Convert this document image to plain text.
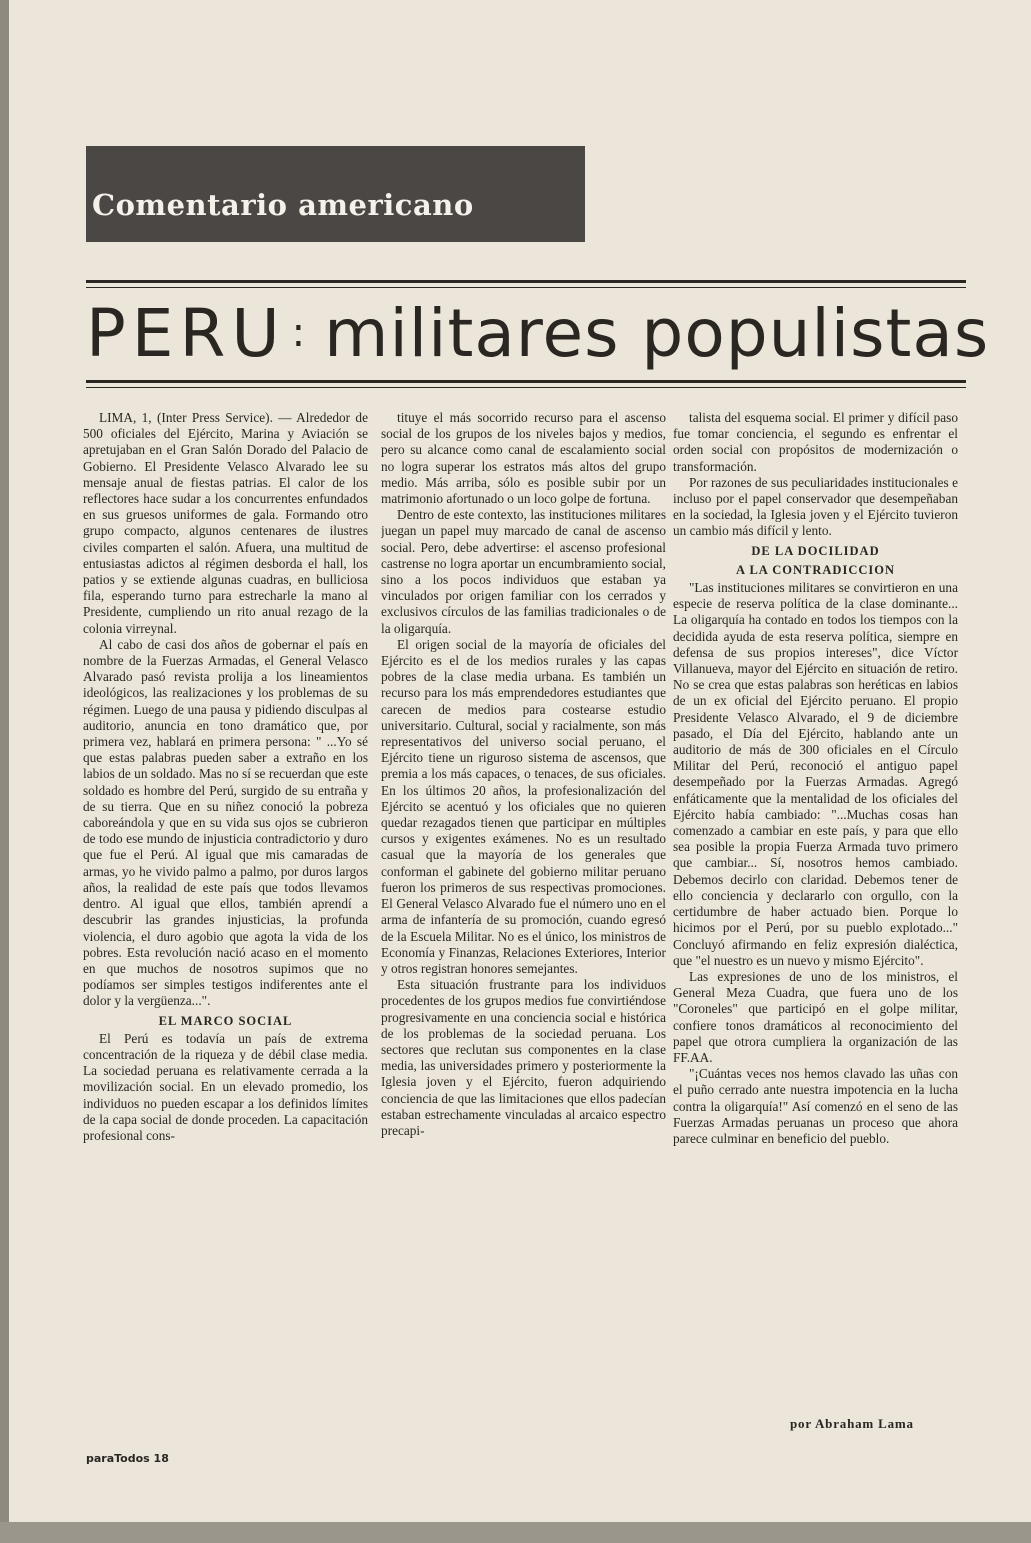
Comentario americano
PERU : militares populistas

LIMA, 1, (Inter Press Service). — Alrededor de 500 oficiales del Ejército, Marina y Aviación se apretujaban en el Gran Salón Dorado del Palacio de Gobierno. El Presidente Velasco Alvarado lee su mensaje anual de fiestas patrias. El calor de los reflectores hace sudar a los concurrentes enfundados en sus gruesos uniformes de gala. Formando otro grupo compacto, algunos centenares de ilustres civiles comparten el salón. Afuera, una multitud de entusiastas adictos al régimen desborda el hall, los patios y se extiende algunas cuadras, en bulliciosa fila, esperando turno para estrecharle la mano al Presidente, cumpliendo un rito anual rezago de la colonia virreynal.

Al cabo de casi dos años de gobernar el país en nombre de la Fuerzas Armadas, el General Velasco Alvarado pasó revista prolija a los lineamientos ideológicos, las realizaciones y los problemas de su régimen. Luego de una pausa y pidiendo disculpas al auditorio, anuncia en tono dramático que, por primera vez, hablará en primera persona: " ...Yo sé que estas palabras pueden saber a extraño en los labios de un soldado. Mas no sí se recuerdan que este soldado es hombre del Perú, surgido de su entraña y de su tierra. Que en su niñez conoció la pobreza caboreándola y que en su vida sus ojos se cubrieron de todo ese mundo de injusticia contradictorio y duro que fue el Perú. Al igual que mis camaradas de armas, yo he vivido palmo a palmo, por duros largos años, la realidad de este país que todos llevamos dentro. Al igual que ellos, también aprendí a descubrir las grandes injusticias, la profunda violencia, el duro agobio que agota la vida de los pobres. Esta revolución nació acaso en el momento en que muchos de nosotros supimos que no podíamos ser simples testigos indiferentes ante el dolor y la vergüenza...".

EL MARCO SOCIAL

El Perú es todavía un país de extrema concentración de la riqueza y de débil clase media. La sociedad peruana es relativamente cerrada a la movilización social. En un elevado promedio, los individuos no pueden escapar a los definidos límites de la capa social de donde proceden. La capacitación profesional cons-

tituye el más socorrido recurso para el ascenso social de los grupos de los niveles bajos y medios, pero su alcance como canal de escalamiento social no logra superar los estratos más altos del grupo medio. Más arriba, sólo es posible subir por un matrimonio afortunado o un loco golpe de fortuna.

Dentro de este contexto, las instituciones militares juegan un papel muy marcado de canal de ascenso social. Pero, debe advertirse: el ascenso profesional castrense no logra aportar un encumbramiento social, sino a los pocos individuos que estaban ya vinculados por origen familiar con los cerrados y exclusivos círculos de las familias tradicionales o de la oligarquía.

El origen social de la mayoría de oficiales del Ejército es el de los medios rurales y las capas pobres de la clase media urbana. Es también un recurso para los más emprendedores estudiantes que carecen de medios para costearse estudio universitario. Cultural, social y racialmente, son más representativos del universo social peruano, el Ejército tiene un riguroso sistema de ascensos, que premia a los más capaces, o tenaces, de sus oficiales. En los últimos 20 años, la profesionalización del Ejército se acentuó y los oficiales que no quieren quedar rezagados tienen que participar en múltiples cursos y exigentes exámenes. No es un resultado casual que la mayoría de los generales que conforman el gabinete del gobierno militar peruano fueron los primeros de sus respectivas promociones. El General Velasco Alvarado fue el número uno en el arma de infantería de su promoción, cuando egresó de la Escuela Militar. No es el único, los ministros de Economía y Finanzas, Relaciones Exteriores, Interior y otros registran honores semejantes.

Esta situación frustrante para los individuos procedentes de los grupos medios fue convirtiéndose progresivamente en una conciencia social e histórica de los problemas de la sociedad peruana. Los sectores que reclutan sus componentes en la clase media, las universidades primero y posteriormente la Iglesia joven y el Ejército, fueron adquiriendo conciencia de que las limitaciones que ellos padecían estaban estrechamente vinculadas al arcaico espectro precapi-

talista del esquema social. El primer y difícil paso fue tomar conciencia, el segundo es enfrentar el orden social con propósitos de modernización o transformación.

Por razones de sus peculiaridades institucionales e incluso por el papel conservador que desempeñaban en la sociedad, la Iglesia joven y el Ejército tuvieron un cambio más difícil y lento.

DE LA DOCILIDAD
A LA CONTRADICCION

"Las instituciones militares se convirtieron en una especie de reserva política de la clase dominante... La oligarquía ha contado en todos los tiempos con la decidida ayuda de esta reserva política, siempre en defensa de sus propios intereses", dice Víctor Villanueva, mayor del Ejército en situación de retiro. No se crea que estas palabras son heréticas en labios de un ex oficial del Ejército peruano. El propio Presidente Velasco Alvarado, el 9 de diciembre pasado, el Día del Ejército, hablando ante un auditorio de más de 300 oficiales en el Círculo Militar del Perú, reconoció el antiguo papel desempeñado por la Fuerzas Armadas. Agregó enfáticamente que la mentalidad de los oficiales del Ejército había cambiado: "...Muchas cosas han comenzado a cambiar en este país, y para que ello sea posible la propia Fuerza Armada tuvo primero que cambiar... Sí, nosotros hemos cambiado. Debemos decirlo con claridad. Debemos tener de ello conciencia y declararlo con orgullo, con la certidumbre de haber actuado bien. Porque lo hicimos por el Perú, por su pueblo explotado..." Concluyó afirmando en feliz expresión dialéctica, que "el nuestro es un nuevo y mismo Ejército".

Las expresiones de uno de los ministros, el General Meza Cuadra, que fuera uno de los "Coroneles" que participó en el golpe militar, confiere tonos dramáticos al reconocimiento del papel que otrora cumpliera la organización de las FF.AA.

"¡Cuántas veces nos hemos clavado las uñas con el puño cerrado ante nuestra impotencia en la lucha contra la oligarquía!" Así comenzó en el seno de las Fuerzas Armadas peruanas un proceso que ahora parece culminar en beneficio del pueblo.

por Abraham Lama
paraTodos 18
